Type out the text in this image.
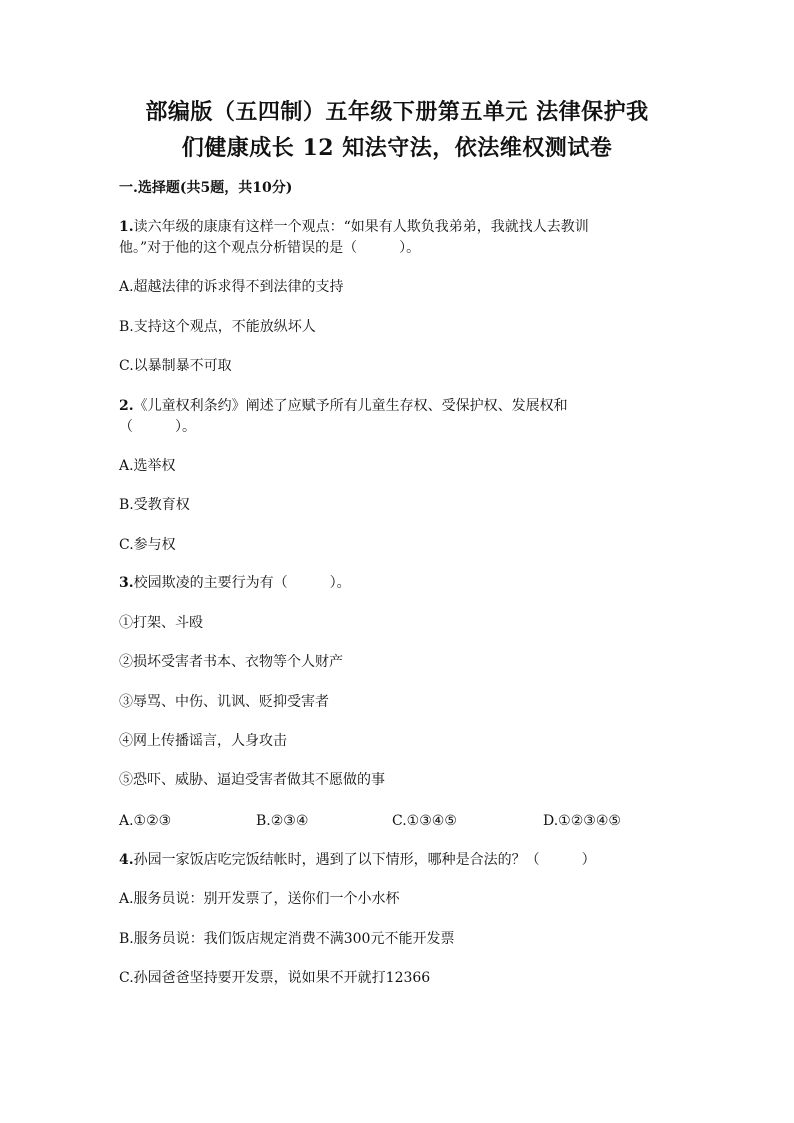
部编版（五四制）五年级下册第五单元 法律保护我
们健康成长 12 知法守法，依法维权测试卷
一.选择题(共5题，共10分)
1.读六年级的康康有这样一个观点：“如果有人欺负我弟弟，我就找人去教训
他。”对于他的这个观点分析错误的是（　　　）。
A.超越法律的诉求得不到法律的支持
B.支持这个观点，不能放纵坏人
C.以暴制暴不可取
2.《儿童权利条约》阐述了应赋予所有儿童生存权、受保护权、发展权和
（　　　）。
A.选举权
B.受教育权
C.参与权
3.校园欺凌的主要行为有（　　　）。
①打架、斗殴
②损坏受害者书本、衣物等个人财产
③辱骂、中伤、讥讽、贬抑受害者
④网上传播谣言，人身攻击
⑤恐吓、威胁、逼迫受害者做其不愿做的事
A.①②③	B.②③④	C.①③④⑤	D.①②③④⑤
4.孙园一家饭店吃完饭结帐时，遇到了以下情形，哪种是合法的？（　　　）
A.服务员说：别开发票了，送你们一个小水杯
B.服务员说：我们饭店规定消费不满300元不能开发票
C.孙园爸爸坚持要开发票，说如果不开就打12366
